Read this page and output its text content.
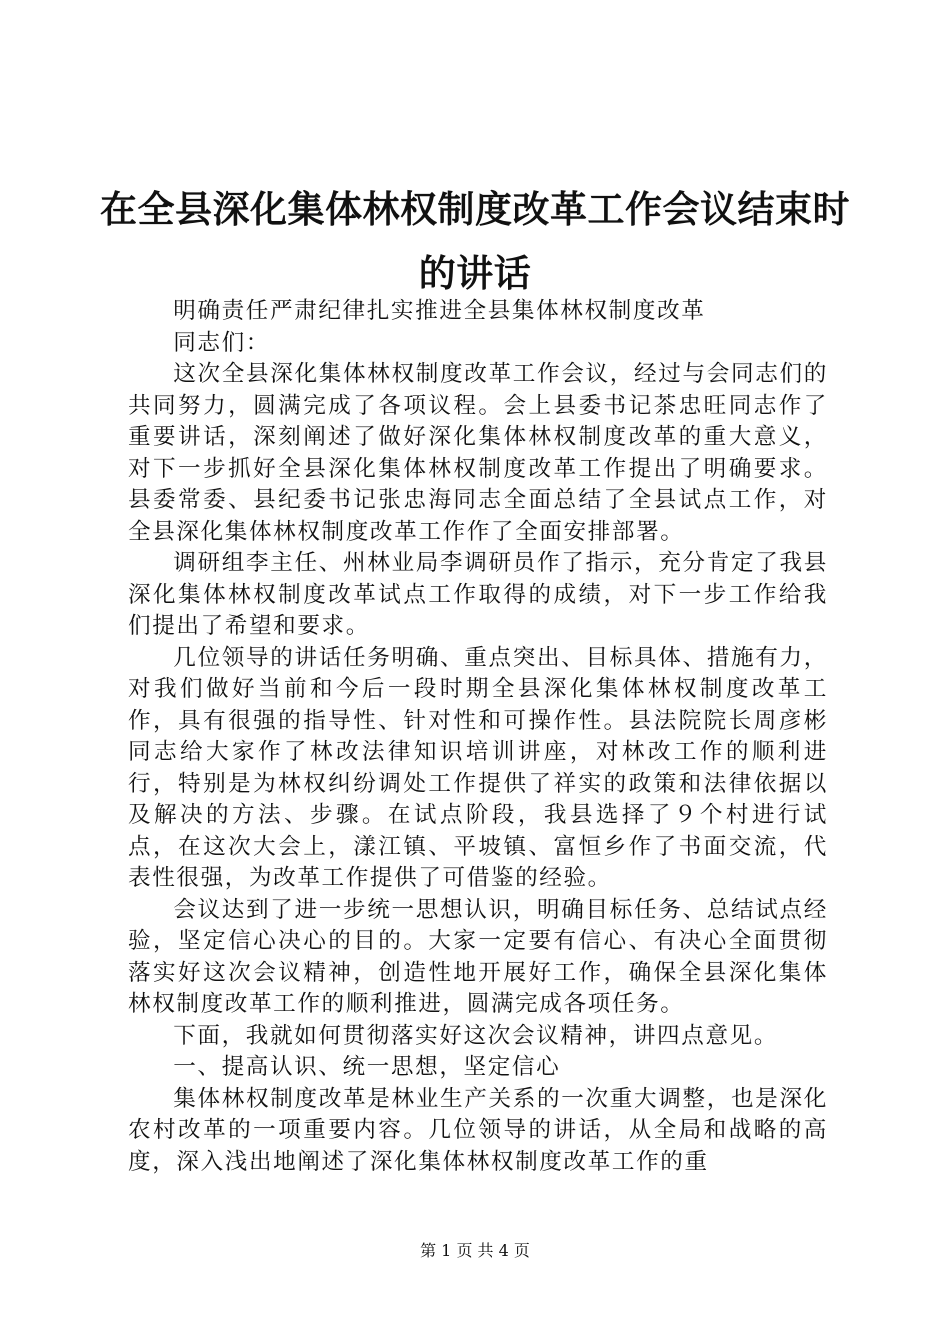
在全县深化集体林权制度改革工作会议结束时的讲话

明确责任严肃纪律扎实推进全县集体林权制度改革

同志们：

这次全县深化集体林权制度改革工作会议，经过与会同志们的共同努力，圆满完成了各项议程。会上县委书记茶忠旺同志作了重要讲话，深刻阐述了做好深化集体林权制度改革的重大意义，对下一步抓好全县深化集体林权制度改革工作提出了明确要求。县委常委、县纪委书记张忠海同志全面总结了全县试点工作，对全县深化集体林权制度改革工作作了全面安排部署。

调研组李主任、州林业局李调研员作了指示，充分肯定了我县深化集体林权制度改革试点工作取得的成绩，对下一步工作给我们提出了希望和要求。

几位领导的讲话任务明确、重点突出、目标具体、措施有力，对我们做好当前和今后一段时期全县深化集体林权制度改革工作，具有很强的指导性、针对性和可操作性。县法院院长周彦彬同志给大家作了林改法律知识培训讲座，对林改工作的顺利进行，特别是为林权纠纷调处工作提供了祥实的政策和法律依据以及解决的方法、步骤。在试点阶段，我县选择了９个村进行试点，在这次大会上，漾江镇、平坡镇、富恒乡作了书面交流，代表性很强，为改革工作提供了可借鉴的经验。

会议达到了进一步统一思想认识，明确目标任务、总结试点经验，坚定信心决心的目的。大家一定要有信心、有决心全面贯彻落实好这次会议精神，创造性地开展好工作，确保全县深化集体林权制度改革工作的顺利推进，圆满完成各项任务。

下面，我就如何贯彻落实好这次会议精神，讲四点意见。

一、提高认识、统一思想，坚定信心

集体林权制度改革是林业生产关系的一次重大调整，也是深化农村改革的一项重要内容。几位领导的讲话，从全局和战略的高度，深入浅出地阐述了深化集体林权制度改革工作的重

第 1 页 共 4 页
